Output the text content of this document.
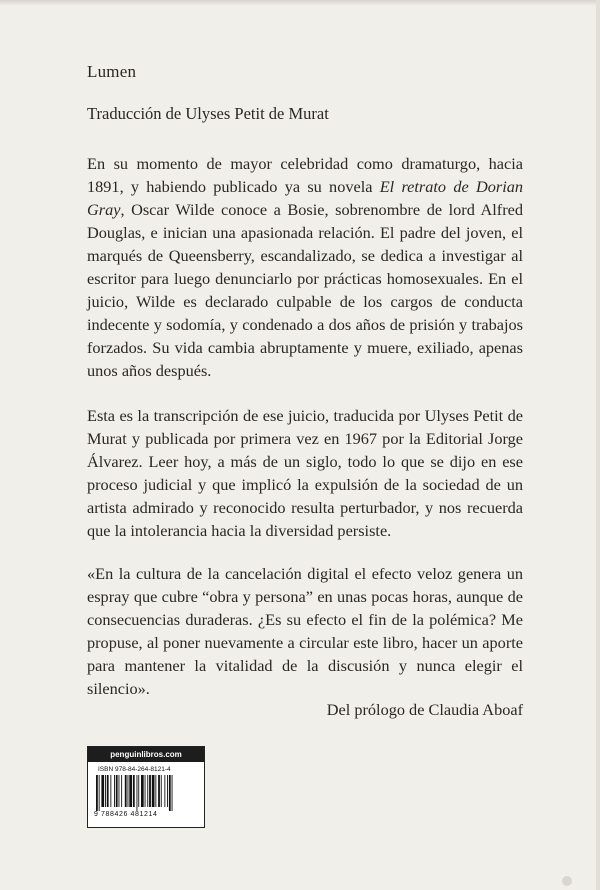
Lumen
Traducción de Ulyses Petit de Murat

En su momento de mayor celebridad como dramaturgo, hacia 1891, y habiendo publicado ya su novela El retrato de Dorian Gray, Oscar Wilde conoce a Bosie, sobrenombre de lord Alfred Douglas, e inician una apasionada relación. El padre del joven, el marqués de Queensberry, escandalizado, se dedica a investigar al escritor para luego denunciarlo por prácticas homosexuales. En el juicio, Wilde es declarado culpable de los cargos de conducta indecente y sodomía, y condenado a dos años de prisión y trabajos forzados. Su vida cambia abruptamente y muere, exiliado, apenas unos años después.

Esta es la transcripción de ese juicio, traducida por Ulyses Petit de Murat y publicada por primera vez en 1967 por la Editorial Jorge Álvarez. Leer hoy, a más de un siglo, todo lo que se dijo en ese proceso judicial y que implicó la expulsión de la sociedad de un artista admirado y reconocido resulta perturbador, y nos recuerda que la intolerancia hacia la diversidad persiste.

«En la cultura de la cancelación digital el efecto veloz genera un espray que cubre “obra y persona” en unas pocas horas, aunque de consecuencias duraderas. ¿Es su efecto el fin de la polémica? Me propuse, al poner nuevamente a circular este libro, hacer un aporte para mantener la vitalidad de la discusión y nunca elegir el silencio».

Del prólogo de Claudia Aboaf
penguinlibros.com
ISBN 978-84-264-8121-4
9 788426 481214
